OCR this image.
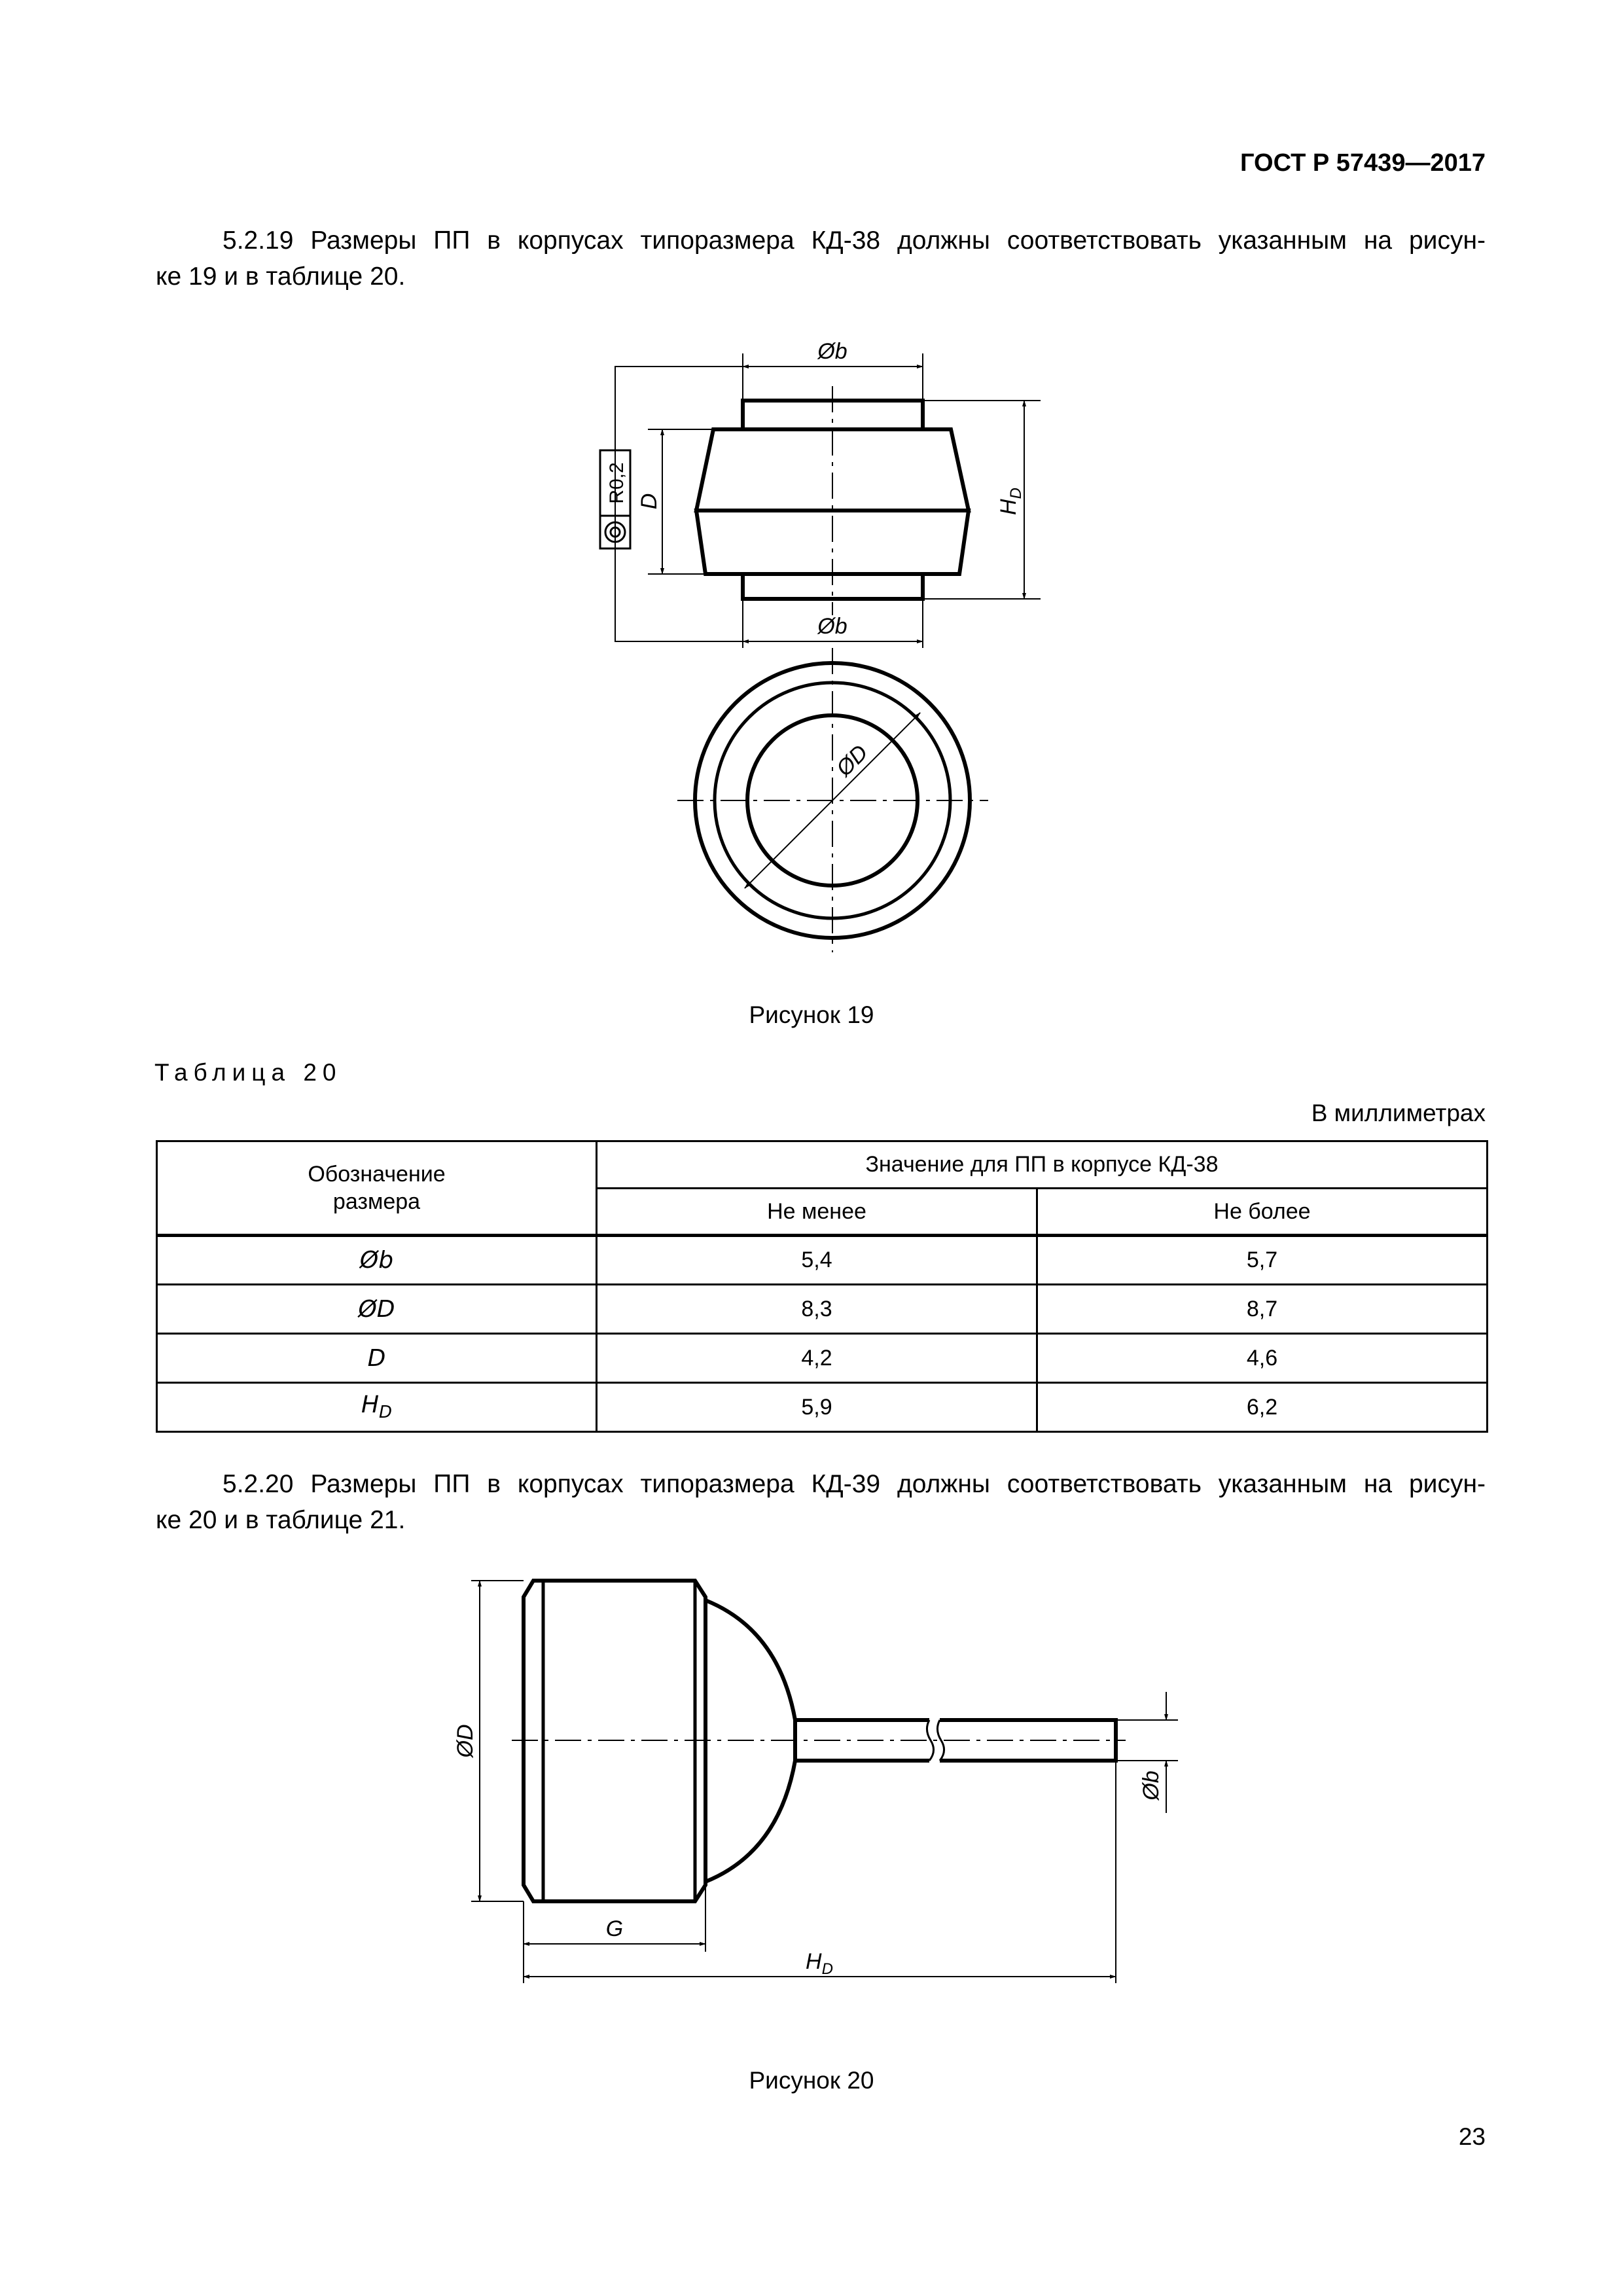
ГОСТ Р 57439—2017
5.2.19 Размеры ПП в корпусах типоразмера КД-38 должны соответствовать указанным на рисун-
ке 19 и в таблице 20.
Øb
Øb
D	$H_D$
R0,2
ØD
Рисунок 19
Таблица 20
В миллиметрах
Обозначение размера	Значение для ПП в корпусе КД-38	
	Не менее	Не более
Øb	5,4	5,7
ØD	8,3	8,7
D	4,2	4,6
$H_D$	5,9	6,2
5.2.20 Размеры ПП в корпусах типоразмера КД-39 должны соответствовать указанным на рисун-
ке 20 и в таблице 21.
ØD
Øb
G
$H_D$
Рисунок 20
23
